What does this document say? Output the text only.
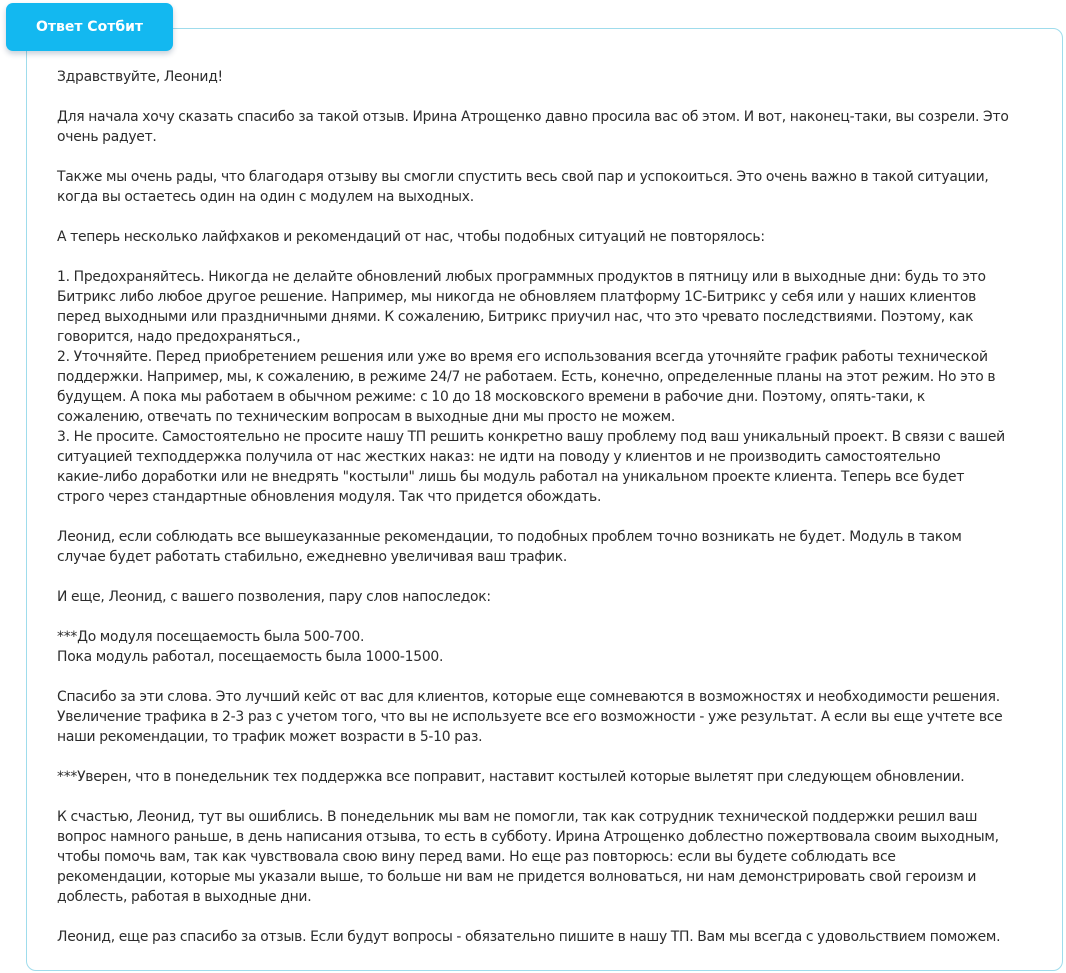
Ответ Сотбит

Здравствуйте, Леонид!

Для начала хочу сказать спасибо за такой отзыв. Ирина Атрощенко давно просила вас об этом. И вот, наконец-таки, вы созрели. Это
очень радует.

Также мы очень рады, что благодаря отзыву вы смогли спустить весь свой пар и успокоиться. Это очень важно в такой ситуации,
когда вы остаетесь один на один с модулем на выходных.

А теперь несколько лайфхаков и рекомендаций от нас, чтобы подобных ситуаций не повторялось:

1. Предохраняйтесь. Никогда не делайте обновлений любых программных продуктов в пятницу или в выходные дни: будь то это
Битрикс либо любое другое решение. Например, мы никогда не обновляем платформу 1С-Битрикс у себя или у наших клиентов
перед выходными или праздничными днями. К сожалению, Битрикс приучил нас, что это чревато последствиями. Поэтому, как
говорится, надо предохраняться.,
2. Уточняйте. Перед приобретением решения или уже во время его использования всегда уточняйте график работы технической
поддержки. Например, мы, к сожалению, в режиме 24/7 не работаем. Есть, конечно, определенные планы на этот режим. Но это в
будущем. А пока мы работаем в обычном режиме: с 10 до 18 московского времени в рабочие дни. Поэтому, опять-таки, к
сожалению, отвечать по техническим вопросам в выходные дни мы просто не можем.
3. Не просите. Самостоятельно не просите нашу ТП решить конкретно вашу проблему под ваш уникальный проект. В связи с вашей
ситуацией техподдержка получила от нас жестких наказ: не идти на поводу у клиентов и не производить самостоятельно
какие-либо доработки или не внедрять "костыли" лишь бы модуль работал на уникальном проекте клиента. Теперь все будет
строго через стандартные обновления модуля. Так что придется обождать.

Леонид, если соблюдать все вышеуказанные рекомендации, то подобных проблем точно возникать не будет. Модуль в таком
случае будет работать стабильно, ежедневно увеличивая ваш трафик.

И еще, Леонид, с вашего позволения, пару слов напоследок:

***До модуля посещаемость была 500-700.
Пока модуль работал, посещаемость была 1000-1500.

Спасибо за эти слова. Это лучший кейс от вас для клиентов, которые еще сомневаются в возможностях и необходимости решения.
Увеличение трафика в 2-3 раз с учетом того, что вы не используете все его возможности - уже результат. А если вы еще учтете все
наши рекомендации, то трафик может возрасти в 5-10 раз.

***Уверен, что в понедельник тех поддержка все поправит, наставит костылей которые вылетят при следующем обновлении.

К счастью, Леонид, тут вы ошиблись. В понедельник мы вам не помогли, так как сотрудник технической поддержки решил ваш
вопрос намного раньше, в день написания отзыва, то есть в субботу. Ирина Атрощенко доблестно пожертвовала своим выходным,
чтобы помочь вам, так как чувствовала свою вину перед вами. Но еще раз повторюсь: если вы будете соблюдать все
рекомендации, которые мы указали выше, то больше ни вам не придется волноваться, ни нам демонстрировать свой героизм и
доблесть, работая в выходные дни.

Леонид, еще раз спасибо за отзыв. Если будут вопросы - обязательно пишите в нашу ТП. Вам мы всегда с удовольствием поможем.
